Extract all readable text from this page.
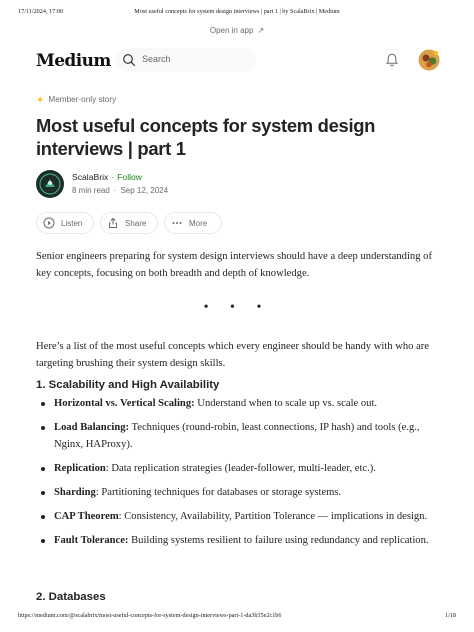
17/11/2024, 17:00	Most useful concepts for system design interviews | part 1 | by ScalaBrix | Medium
Open in app ↗
Medium	Search
✦ Member-only story
Most useful concepts for system design interviews | part 1
ScalaBrix · Follow
8 min read · Sep 12, 2024
Listen	Share	More

Senior engineers preparing for system design interviews should have a deep understanding of key concepts, focusing on both breadth and depth of knowledge.

• • •

Here’s a list of the most useful concepts which every engineer should be handy with who are targeting brushing their system design skills.

1. Scalability and High Availability
Horizontal vs. Vertical Scaling: Understand when to scale up vs. scale out.
Load Balancing: Techniques (round-robin, least connections, IP hash) and tools (e.g., Nginx, HAProxy).
Replication: Data replication strategies (leader-follower, multi-leader, etc.).
Sharding: Partitioning techniques for databases or storage systems.
CAP Theorem: Consistency, Availability, Partition Tolerance — implications in design.
Fault Tolerance: Building systems resilient to failure using redundancy and replication.
2. Databases
https://medium.com/@scalabrix/most-useful-concepts-for-system-design-interviews-part-1-da3b35e2c1b6	1/18
